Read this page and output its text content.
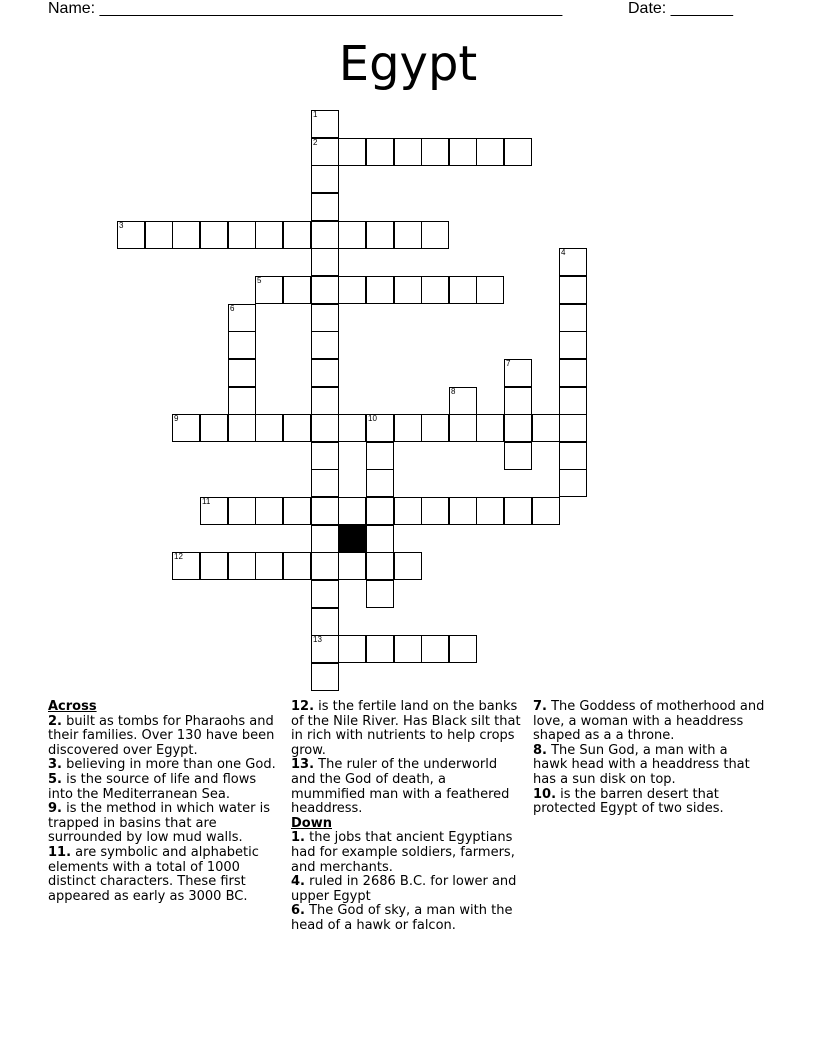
Name: ____________________________________________________	Date: _______
Egypt
1
2
13
3
4
5
6
7
8
9	10
11
12
Across
2. built as tombs for Pharaohs and their families. Over 130 have been discovered over Egypt.
3. believing in more than one God.
5. is the source of life and flows into the Mediterranean Sea.
9. is the method in which water is trapped in basins that are surrounded by low mud walls.
11. are symbolic and alphabetic elements with a total of 1000 distinct characters. These first appeared as early as 3000 BC.
12. is the fertile land on the banks of the Nile River. Has Black silt that in rich with nutrients to help crops grow.
13. The ruler of the underworld and the God of death, a mummified man with a feathered headdress.
Down
1. the jobs that ancient Egyptians had for example soldiers, farmers, and merchants.
4. ruled in 2686 B.C. for lower and upper Egypt
6. The God of sky, a man with the head of a hawk or falcon.
7. The Goddess of motherhood and love, a woman with a headdress shaped as a a throne.
8. The Sun God, a man with a hawk head with a headdress that has a sun disk on top.
10. is the barren desert that protected Egypt of two sides.
